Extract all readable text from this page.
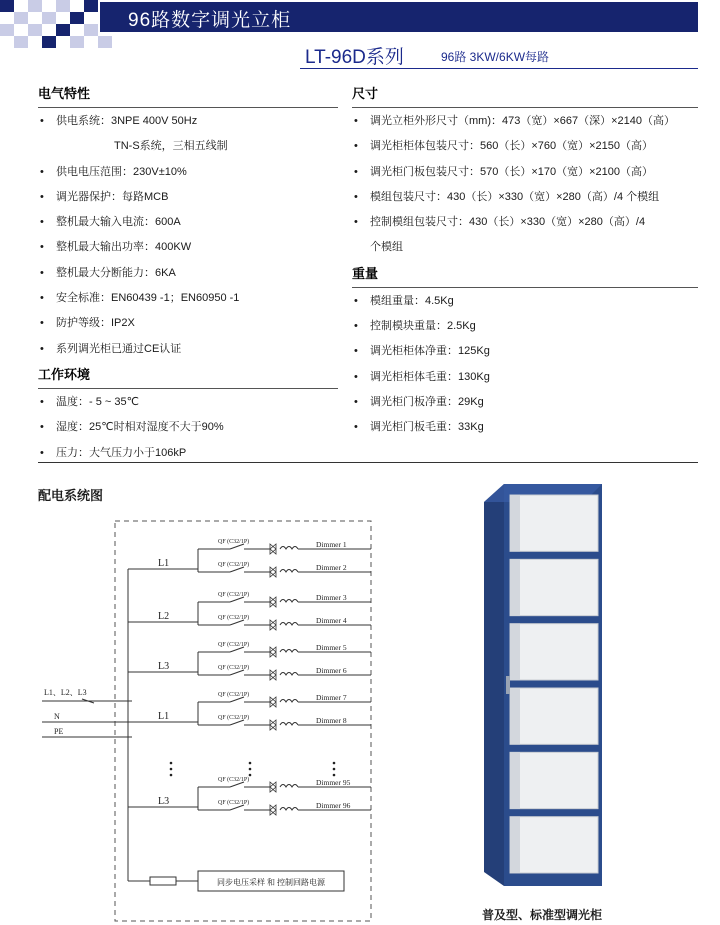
96路数字调光立柜
LT-96D系列	96路 3KW/6KW每路
电气特性
• 供电系统：3NPE 400V 50Hz
TN-S系统，三相五线制
• 供电电压范围：230V±10%
• 调光器保护：每路MCB
• 整机最大输入电流：600A
• 整机最大输出功率：400KW
• 整机最大分断能力：6KA
• 安全标准：EN60439 -1；EN60950 -1
• 防护等级：IP2X
• 系列调光柜已通过CE认证
工作环境
• 温度：- 5 ~ 35℃
• 湿度：25℃时相对湿度不大于90%
• 压力：大气压力小于106kP
尺寸
• 调光立柜外形尺寸（mm)：473（宽）×667（深）×2140（高）
• 调光柜柜体包装尺寸：560（长）×760（宽）×2150（高）
• 调光柜门板包装尺寸：570（长）×170（宽）×2100（高）
• 模组包装尺寸：430（长）×330（宽）×280（高）/4 个模组
• 控制模组包装尺寸：430（长）×330（宽）×280（高）/4
个模组
重量
• 模组重量：4.5Kg
• 控制模块重量：2.5Kg
• 调光柜柜体净重：125Kg
• 调光柜柜体毛重：130Kg
• 调光柜门板净重：29Kg
• 调光柜门板毛重：33Kg
配电系统图
L1、L2、L3
N
PE
L1
QF (C32/1P)	Dimmer 1
QF (C32/1P)	Dimmer 2
L2
QF (C32/1P)	Dimmer 3
QF (C32/1P)	Dimmer 4
L3
QF (C32/1P)	Dimmer 5
QF (C32/1P)	Dimmer 6
L1
QF (C32/1P)	Dimmer 7
QF (C32/1P)	Dimmer 8
L3
QF (C32/1P)	Dimmer 95
QF (C32/1P)	Dimmer 96
同步电压采样 和 控制回路电源
普及型、标准型调光柜
